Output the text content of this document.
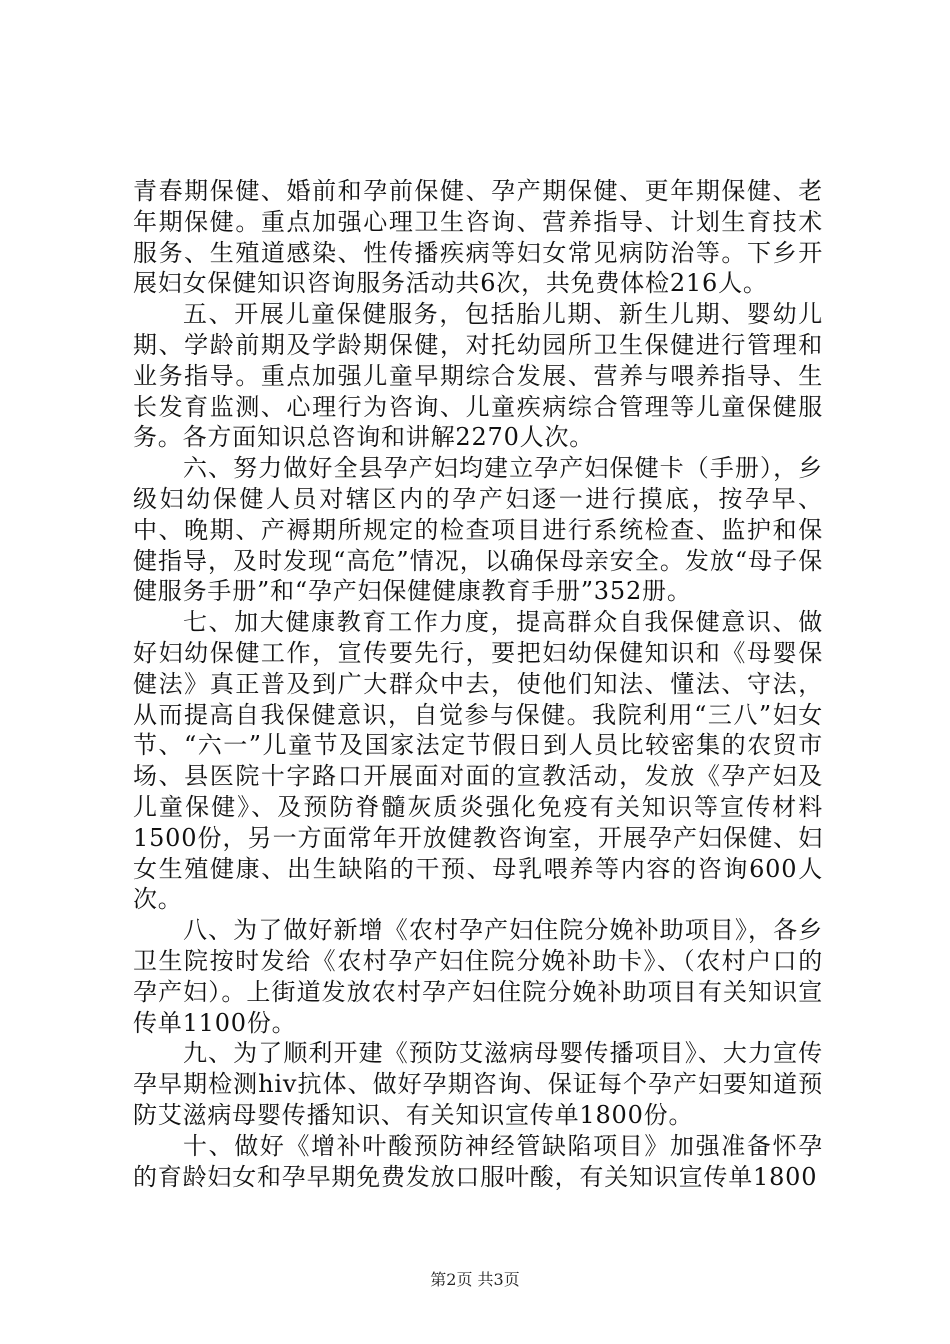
青春期保健、婚前和孕前保健、孕产期保健、更年期保健、老年期保健。重点加强心理卫生咨询、营养指导、计划生育技术服务、生殖道感染、性传播疾病等妇女常见病防治等。下乡开展妇女保健知识咨询服务活动共6次，共免费体检216人。

五、开展儿童保健服务，包括胎儿期、新生儿期、婴幼儿期、学龄前期及学龄期保健，对托幼园所卫生保健进行管理和业务指导。重点加强儿童早期综合发展、营养与喂养指导、生长发育监测、心理行为咨询、儿童疾病综合管理等儿童保健服务。各方面知识总咨询和讲解2270人次。

六、努力做好全县孕产妇均建立孕产妇保健卡（手册），乡级妇幼保健人员对辖区内的孕产妇逐一进行摸底，按孕早、中、晚期、产褥期所规定的检查项目进行系统检查、监护和保健指导，及时发现“高危”情况，以确保母亲安全。发放“母子保健服务手册”和“孕产妇保健健康教育手册”352册。

七、加大健康教育工作力度，提高群众自我保健意识、做好妇幼保健工作，宣传要先行，要把妇幼保健知识和《母婴保健法》真正普及到广大群众中去，使他们知法、懂法、守法，从而提高自我保健意识，自觉参与保健。我院利用“三八”妇女节、“六一”儿童节及国家法定节假日到人员比较密集的农贸市场、县医院十字路口开展面对面的宣教活动，发放《孕产妇及儿童保健》、及预防脊髓灰质炎强化免疫有关知识等宣传材料1500份，另一方面常年开放健教咨询室，开展孕产妇保健、妇女生殖健康、出生缺陷的干预、母乳喂养等内容的咨询600人次。

八、为了做好新增《农村孕产妇住院分娩补助项目》，各乡卫生院按时发给《农村孕产妇住院分娩补助卡》、（农村户口的孕产妇）。上街道发放农村孕产妇住院分娩补助项目有关知识宣传单1100份。

九、为了顺利开建《预防艾滋病母婴传播项目》、大力宣传孕早期检测hiv抗体、做好孕期咨询、保证每个孕产妇要知道预防艾滋病母婴传播知识、有关知识宣传单1800份。

十、做好《增补叶酸预防神经管缺陷项目》加强准备怀孕的育龄妇女和孕早期免费发放口服叶酸，有关知识宣传单1800

第2页 共3页
